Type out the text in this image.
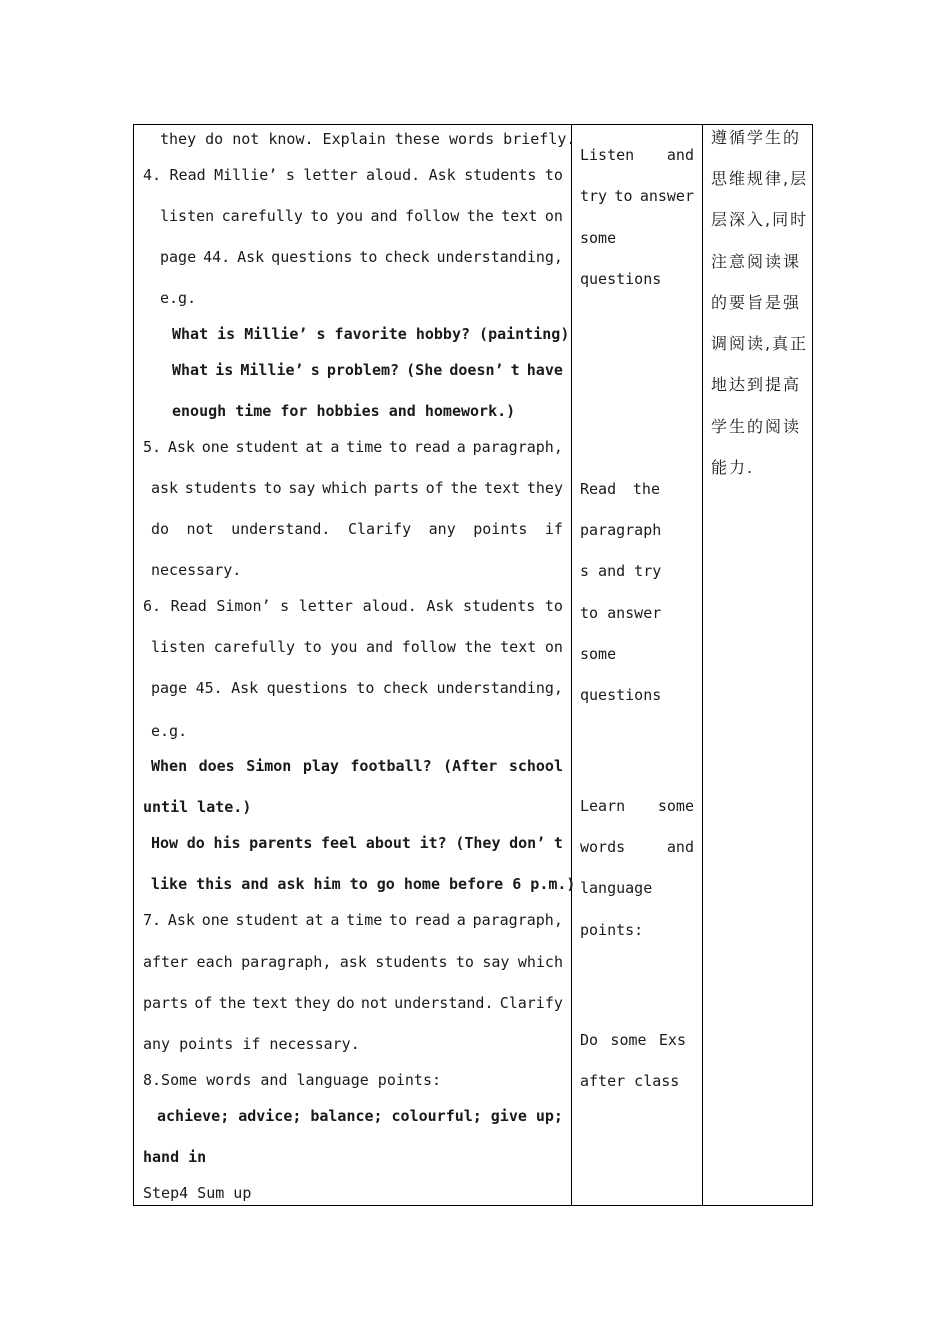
they do not know. Explain these words briefly.
4. Read Millie’ s letter aloud. Ask students to
listen carefully to you and follow the text on
page 44. Ask questions to check understanding,
e.g.
What is Millie’ s favorite hobby? (painting)
What is Millie’ s problem? (She doesn’ t have
enough time for hobbies and homework.)
5. Ask one student at a time to read a paragraph,
ask students to say which parts of the text they
do not understand. Clarify any points if
necessary.
6. Read Simon’ s letter aloud. Ask students to
listen carefully to you and follow the text on
page 45. Ask questions to check understanding,
e.g.
When does Simon play football? (After school
until late.)
How do his parents feel about it? (They don’ t
like this and ask him to go home before 6 p.m.)
7. Ask one student at a time to read a paragraph,
after each paragraph, ask students to say which
parts of the text they do not understand. Clarify
any points if necessary.
8.Some words and language points:
achieve; advice; balance; colourful; give up;
hand in
Step4 Sum up
Listen and
try to answer
some
questions
Read the
paragraph
s and try
to answer
some
questions
Learn some
words	and
language
points:
Do some Exs
after class
遵循学生的
思维规律,层
层深入,同时
注意阅读课
的要旨是强
调阅读,真正
地达到提高
学生的阅读
能力.
